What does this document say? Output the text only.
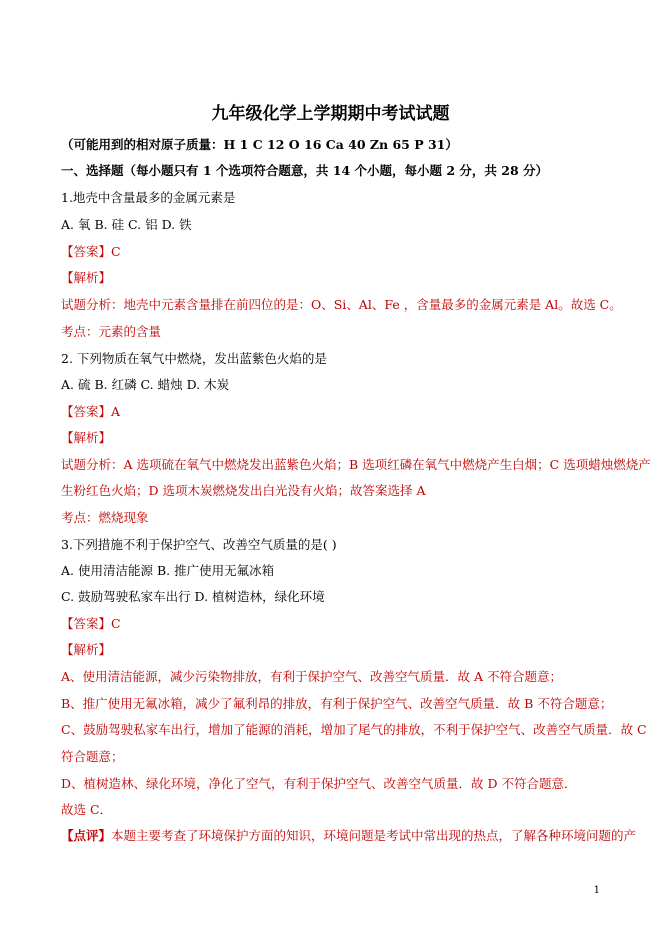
九年级化学上学期期中考试试题
（可能用到的相对原子质量：H 1 C 12 O 16 Ca 40 Zn 65 P 31）
一、选择题（每小题只有 1 个选项符合题意，共 14 个小题，每小题 2 分，共 28 分）
1.地壳中含量最多的金属元素是
A. 氧 B. 硅 C. 铝 D. 铁
【答案】C
【解析】
试题分析：地壳中元素含量排在前四位的是：O、Si、Al、Fe ，含量最多的金属元素是 Al。故选 C。
考点：元素的含量
2. 下列物质在氧气中燃烧，发出蓝紫色火焰的是
A. 硫 B. 红磷 C. 蜡烛 D. 木炭
【答案】A
【解析】
试题分析：A 选项硫在氧气中燃烧发出蓝紫色火焰；B 选项红磷在氧气中燃烧产生白烟；C 选项蜡烛燃烧产
生粉红色火焰；D 选项木炭燃烧发出白光没有火焰；故答案选择 A
考点：燃烧现象
3.下列措施不利于保护空气、改善空气质量的是( )
A. 使用清洁能源 B. 推广使用无氟冰箱
C. 鼓励驾驶私家车出行 D. 植树造林，绿化环境
【答案】C
【解析】
A、使用清洁能源，减少污染物排放，有利于保护空气、改善空气质量．故 A 不符合题意；
B、推广使用无氟冰箱，减少了氟利昂的排放，有利于保护空气、改善空气质量．故 B 不符合题意；
C、鼓励驾驶私家车出行，增加了能源的消耗，增加了尾气的排放，不利于保护空气、改善空气质量．故 C
符合题意；
D、植树造林、绿化环境，净化了空气，有利于保护空气、改善空气质量．故 D 不符合题意．
故选 C．
【点评】本题主要考查了环境保护方面的知识，环境问题是考试中常出现的热点，了解各种环境问题的产
1
